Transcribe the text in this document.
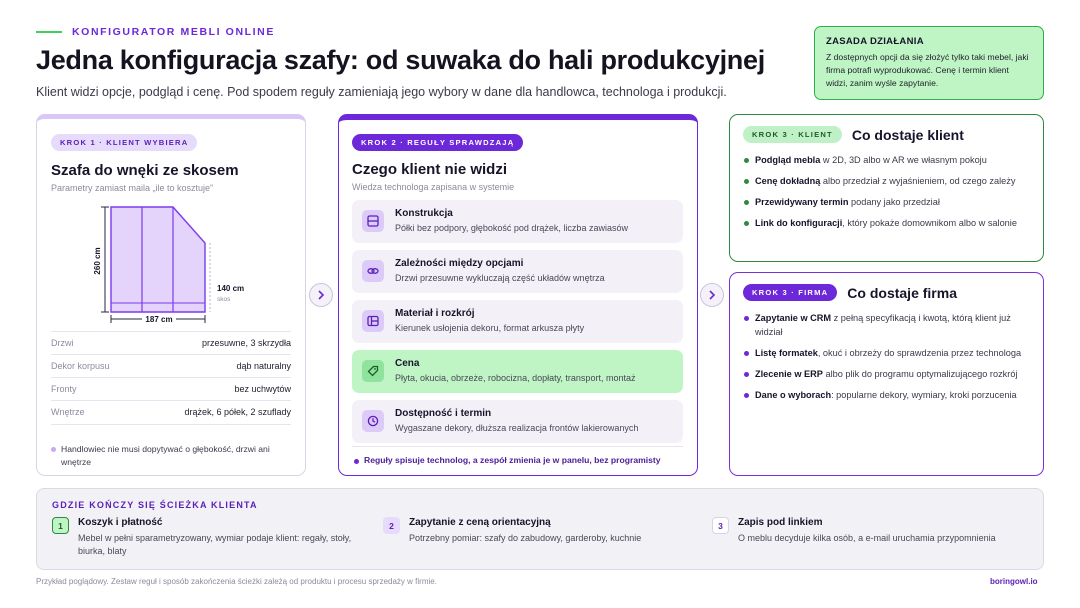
KONFIGURATOR MEBLI ONLINE
Jedna konfiguracja szafy: od suwaka do hali produkcyjnej
Klient widzi opcje, podgląd i cenę. Pod spodem reguły zamieniają jego wybory w dane dla handlowca, technologa i produkcji.
ZASADA DZIAŁANIA
Z dostępnych opcji da się złożyć tylko taki mebel, jaki firma potrafi wyprodukować. Cenę i termin klient widzi, zanim wyśle zapytanie.
KROK 1 · KLIENT WYBIERA
Szafa do wnęki ze skosem
Parametry zamiast maila „ile to kosztuje”
260 cm
140 cm
skos
187 cm
Drzwi	przesuwne, 3 skrzydła
Dekor korpusu	dąb naturalny
Fronty	bez uchwytów
Wnętrze	drążek, 6 półek, 2 szuflady
Handlowiec nie musi dopytywać o głębokość, drzwi ani wnętrze
KROK 2 · REGUŁY SPRAWDZAJĄ
Czego klient nie widzi
Wiedza technologa zapisana w systemie
Konstrukcja
Półki bez podpory, głębokość pod drążek, liczba zawiasów
Zależności między opcjami
Drzwi przesuwne wykluczają część układów wnętrza
Materiał i rozkrój
Kierunek usłojenia dekoru, format arkusza płyty
Cena
Płyta, okucia, obrzeże, robocizna, dopłaty, transport, montaż
Dostępność i termin
Wygaszane dekory, dłuższa realizacja frontów lakierowanych
Reguły spisuje technolog, a zespół zmienia je w panelu, bez programisty
KROK 3 · KLIENT	Co dostaje klient
Podgląd mebla w 2D, 3D albo w AR we własnym pokoju
Cenę dokładną albo przedział z wyjaśnieniem, od czego zależy
Przewidywany termin podany jako przedział
Link do konfiguracji, który pokaże domownikom albo w salonie
KROK 3 · FIRMA	Co dostaje firma
Zapytanie w CRM z pełną specyfikacją i kwotą, którą klient już widział
Listę formatek, okuć i obrzeży do sprawdzenia przez technologa
Zlecenie w ERP albo plik do programu optymalizującego rozkrój
Dane o wyborach: popularne dekory, wymiary, kroki porzucenia
GDZIE KOŃCZY SIĘ ŚCIEŻKA KLIENTA
1	Koszyk i płatność
Mebel w pełni sparametryzowany, wymiar podaje klient: regały, stoły, biurka, blaty
2	Zapytanie z ceną orientacyjną
Potrzebny pomiar: szafy do zabudowy, garderoby, kuchnie
3	Zapis pod linkiem
O meblu decyduje kilka osób, a e-mail uruchamia przypomnienia
Przykład poglądowy. Zestaw reguł i sposób zakończenia ścieżki zależą od produktu i procesu sprzedaży w firmie.	boringowl.io
